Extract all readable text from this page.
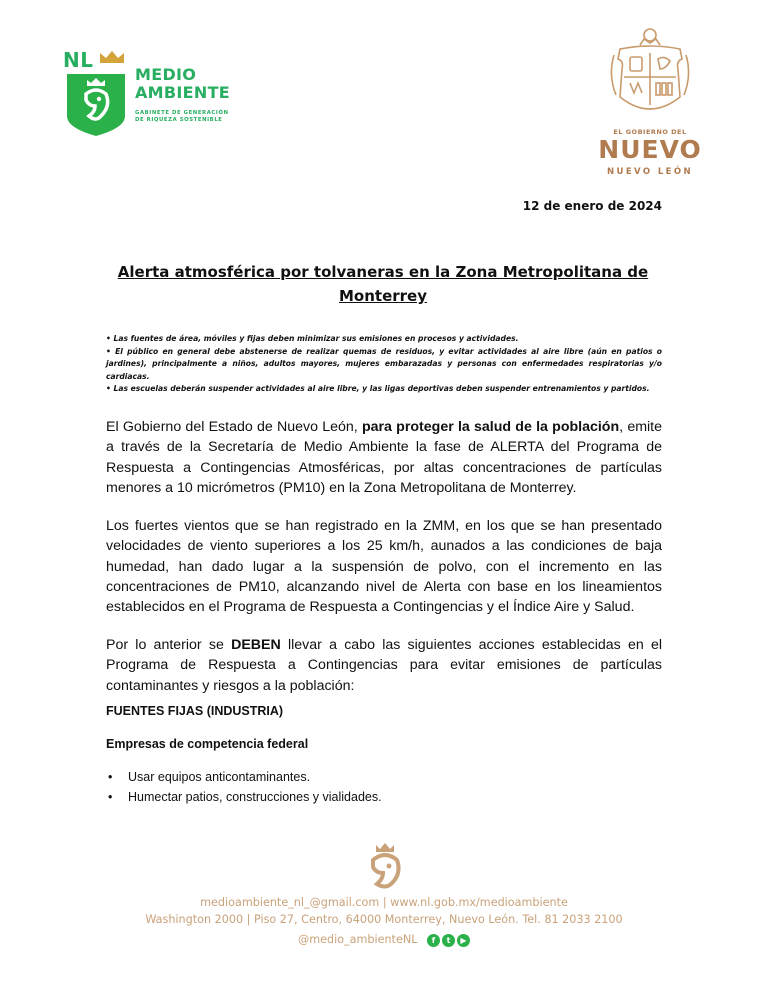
NL
MEDIO
AMBIENTE
GABINETE DE GENERACIÓN
DE RIQUEZA SOSTENIBLE
EL GOBIERNO DEL
NUEVO
NUEVO LEÓN
12 de enero de 2024
Alerta atmosférica por tolvaneras en la Zona Metropolitana de Monterrey
• Las fuentes de área, móviles y fijas deben minimizar sus emisiones en procesos y actividades.
• El público en general debe abstenerse de realizar quemas de residuos, y evitar actividades al aire libre (aún en patios o jardines), principalmente a niños, adultos mayores, mujeres embarazadas y personas con enfermedades respiratorias y/o cardiacas.
• Las escuelas deberán suspender actividades al aire libre, y las ligas deportivas deben suspender entrenamientos y partidos.
El Gobierno del Estado de Nuevo León, para proteger la salud de la población, emite a través de la Secretaría de Medio Ambiente la fase de ALERTA del Programa de Respuesta a Contingencias Atmosféricas, por altas concentraciones de partículas menores a 10 micrómetros (PM10) en la Zona Metropolitana de Monterrey.
Los fuertes vientos que se han registrado en la ZMM, en los que se han presentado velocidades de viento superiores a los 25 km/h, aunados a las condiciones de baja humedad, han dado lugar a la suspensión de polvo, con el incremento en las concentraciones de PM10, alcanzando nivel de Alerta con base en los lineamientos establecidos en el Programa de Respuesta a Contingencias y el Índice Aire y Salud.
Por lo anterior se DEBEN llevar a cabo las siguientes acciones establecidas en el Programa de Respuesta a Contingencias para evitar emisiones de partículas contaminantes y riesgos a la población:
FUENTES FIJAS (INDUSTRIA)
Empresas de competencia federal
• Usar equipos anticontaminantes.
• Humectar patios, construcciones y vialidades.
medioambiente_nl_@gmail.com | www.nl.gob.mx/medioambiente
Washington 2000 | Piso 27, Centro, 64000 Monterrey, Nuevo León. Tel. 81 2033 2100
@medio_ambienteNL f t ▶
